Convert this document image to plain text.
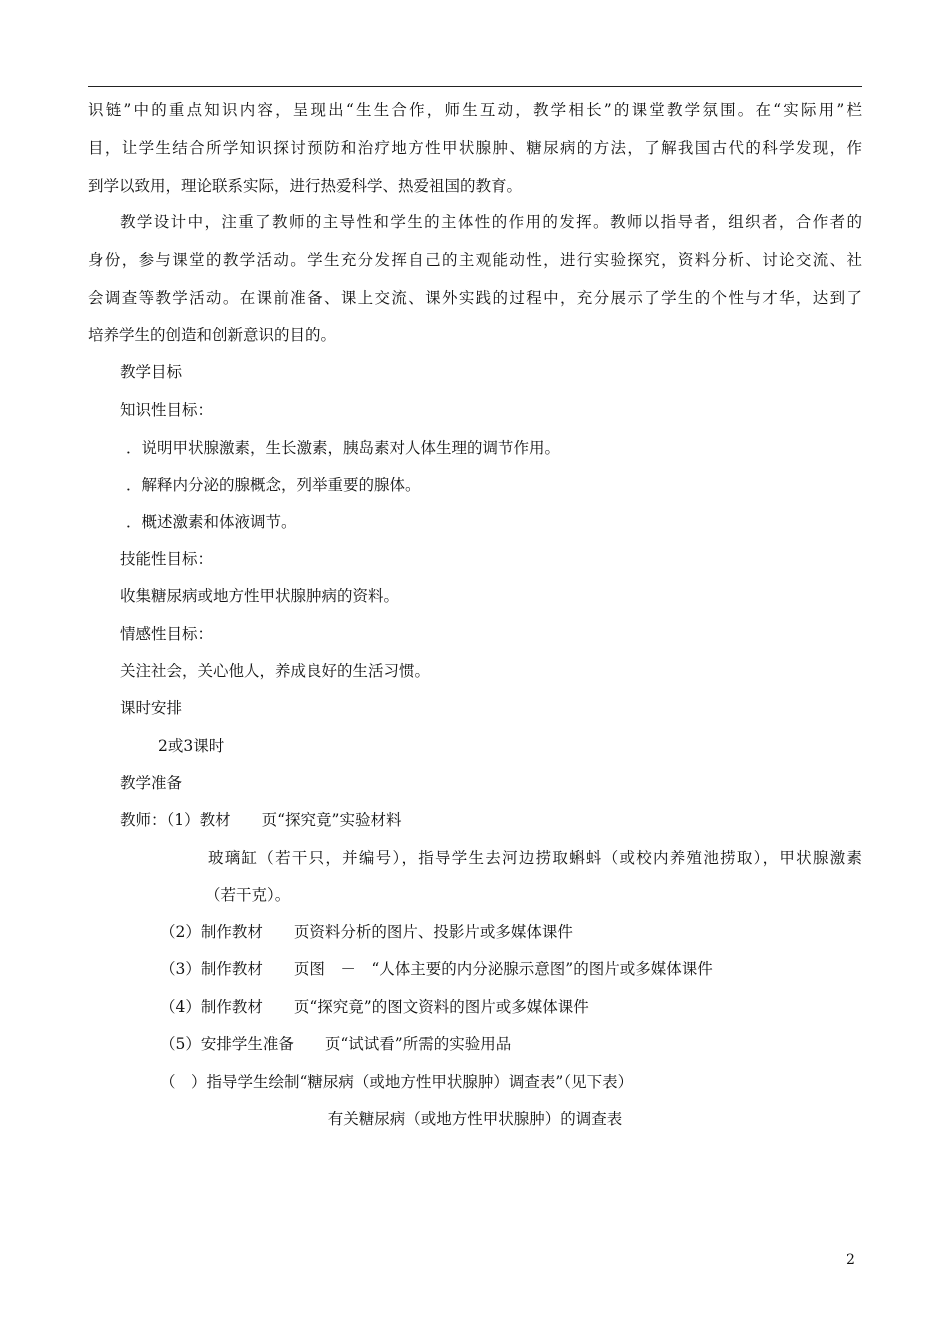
识链”中的重点知识内容，呈现出“生生合作，师生互动，教学相长”的课堂教学氛围。在“实际用”栏
目，让学生结合所学知识探讨预防和治疗地方性甲状腺肿、糖尿病的方法，了解我国古代的科学发现，作
到学以致用，理论联系实际，进行热爱科学、热爱祖国的教育。
教学设计中，注重了教师的主导性和学生的主体性的作用的发挥。教师以指导者，组织者，合作者的
身份，参与课堂的教学活动。学生充分发挥自己的主观能动性，进行实验探究，资料分析、讨论交流、社
会调查等教学活动。在课前准备、课上交流、课外实践的过程中，充分展示了学生的个性与才华，达到了
培养学生的创造和创新意识的目的。
教学目标
知识性目标：
．说明甲状腺激素，生长激素，胰岛素对人体生理的调节作用。
．解释内分泌的腺概念，列举重要的腺体。
．概述激素和体液调节。
技能性目标：
收集糖尿病或地方性甲状腺肿病的资料。
情感性目标：
关注社会，关心他人，养成良好的生活习惯。
课时安排
2或3课时
教学准备
教师：（1）教材　　页“探究竟”实验材料
玻璃缸（若干只，并编号），指导学生去河边捞取蝌蚪（或校内养殖池捞取），甲状腺激素
（若干克）。
（2）制作教材　　页资料分析的图片、投影片或多媒体课件
（3）制作教材　　页图　－　“人体主要的内分泌腺示意图”的图片或多媒体课件
（4）制作教材　　页“探究竟”的图文资料的图片或多媒体课件
（5）安排学生准备　　页“试试看”所需的实验用品
（　）指导学生绘制“糖尿病（或地方性甲状腺肿）调查表”（见下表）
有关糖尿病（或地方性甲状腺肿）的调查表
2
